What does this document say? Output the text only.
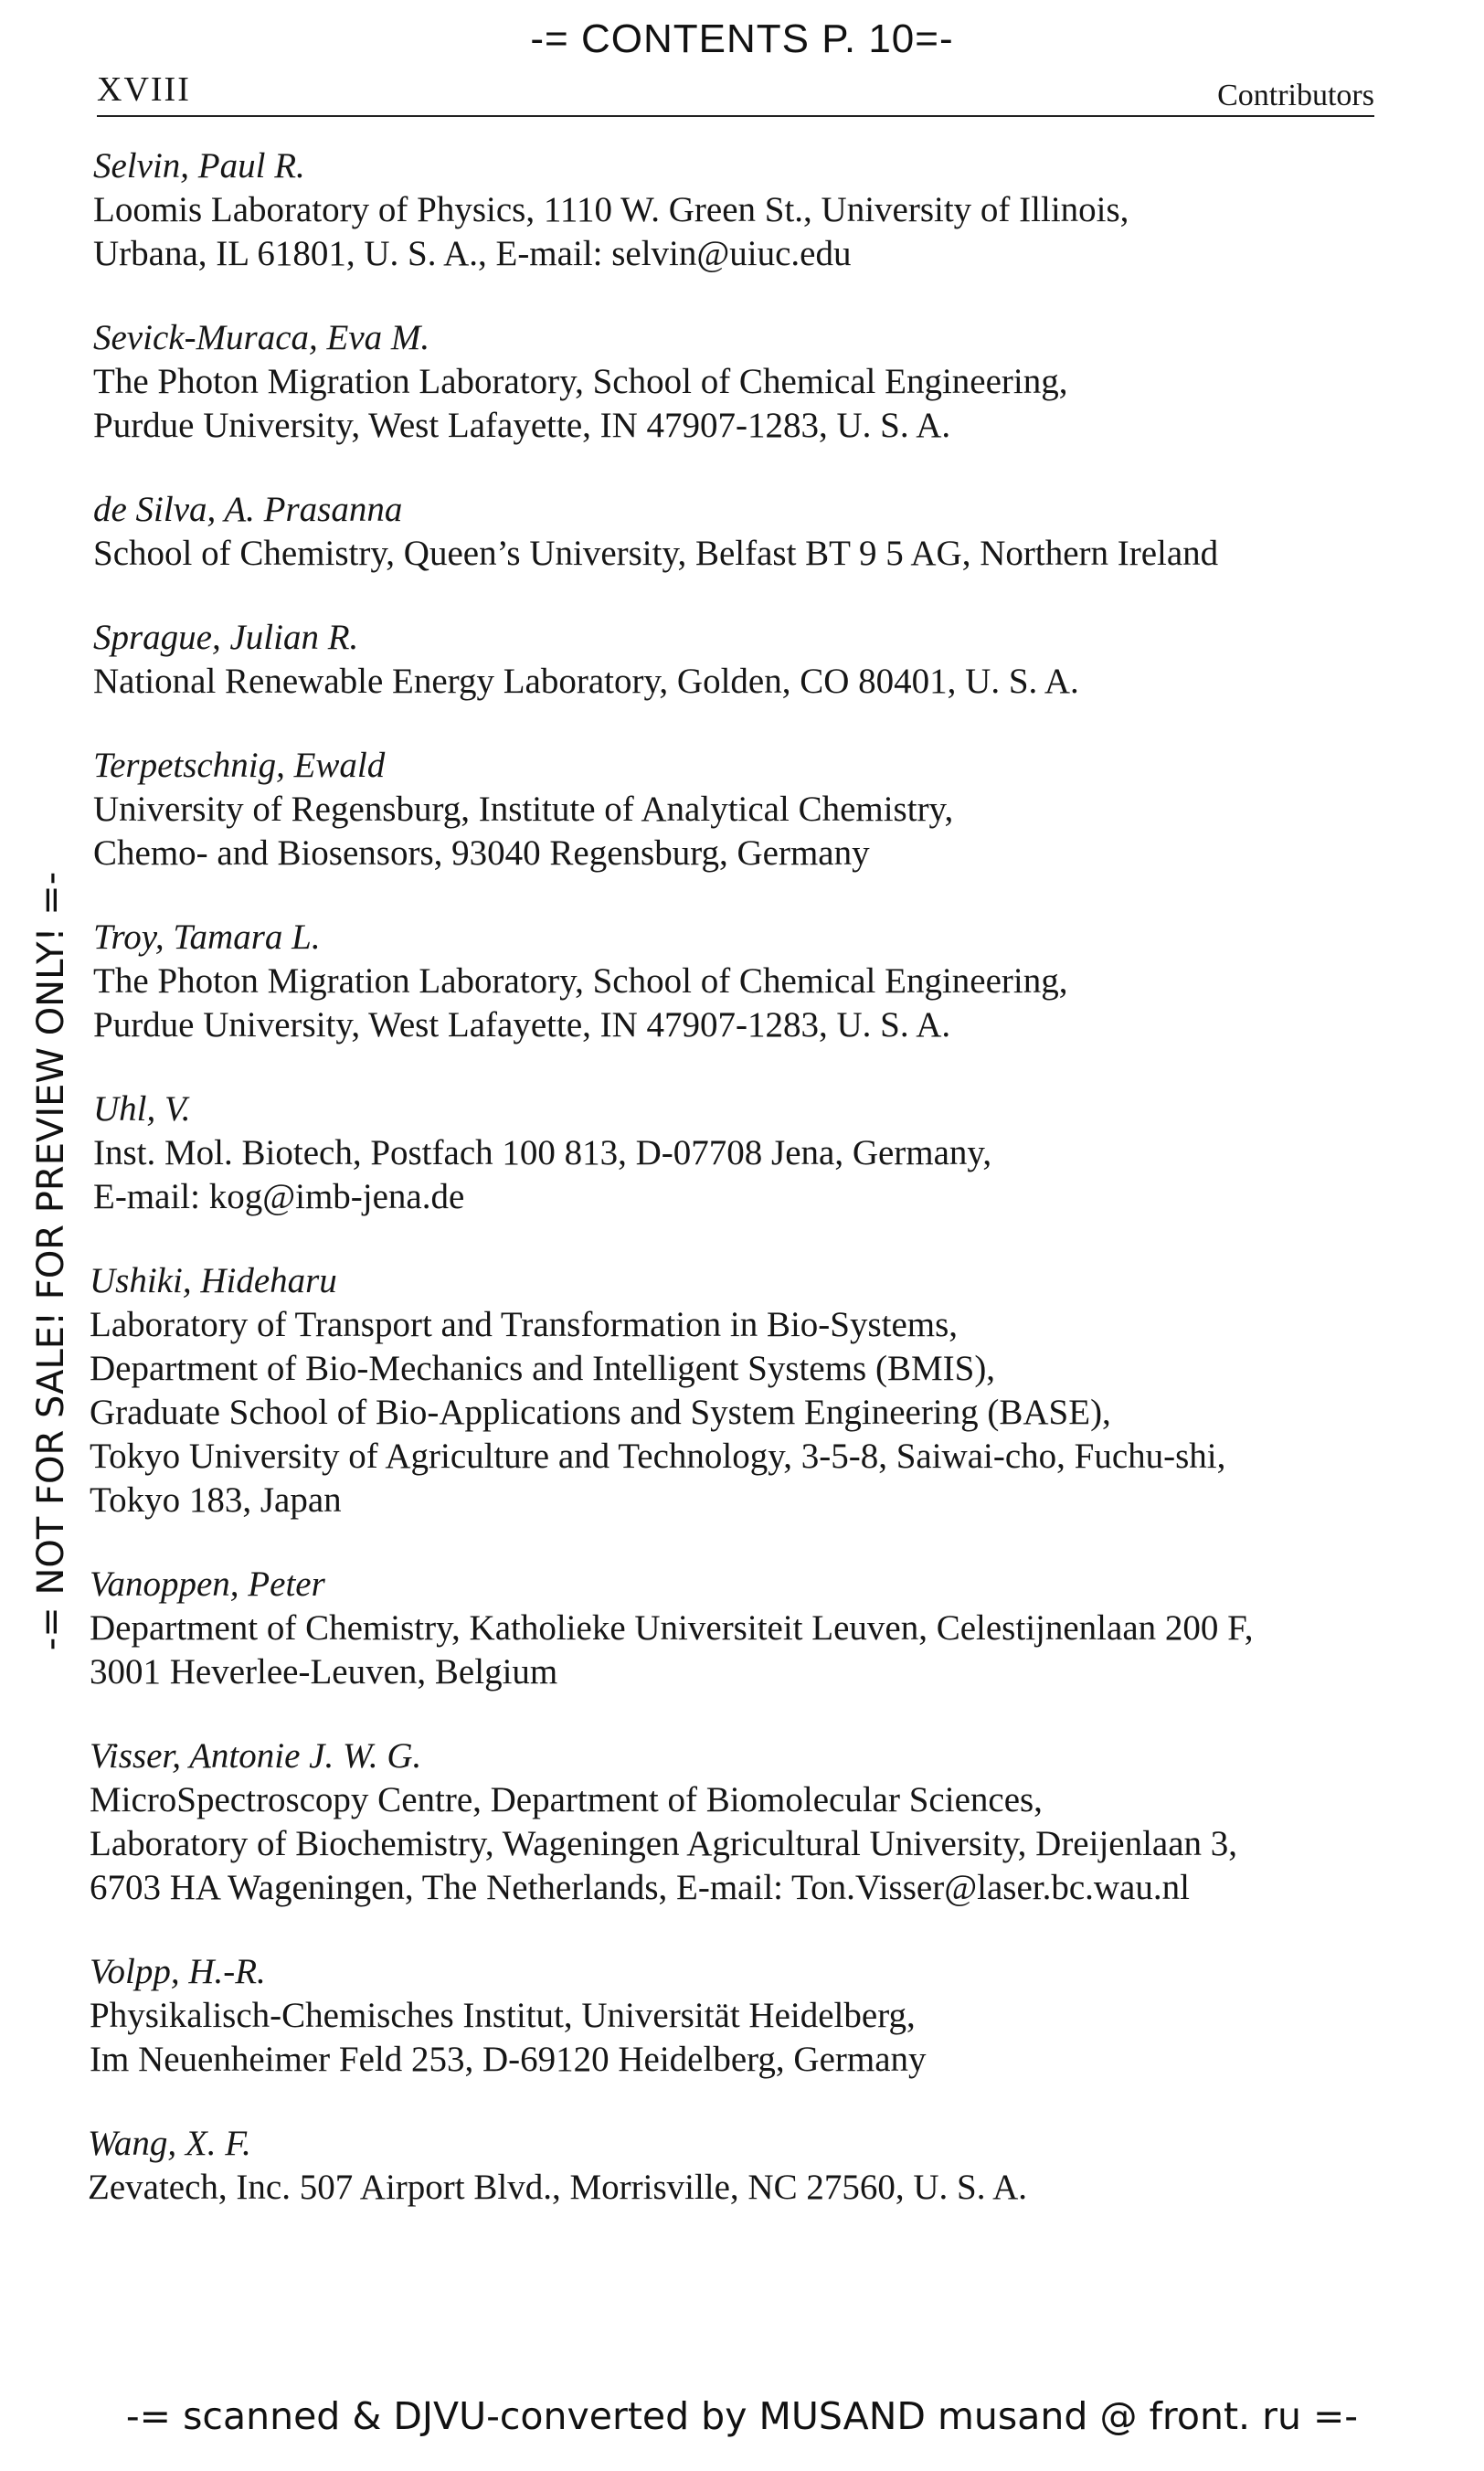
-= CONTENTS P. 10=-
-= NOT FOR SALE! FOR PREVIEW ONLY! =-
XVIII	Contributors
Selvin, Paul R.
Loomis Laboratory of Physics, 1110 W. Green St., University of Illinois,
Urbana, IL 61801, U. S. A., E-mail: selvin@uiuc.edu
Sevick-Muraca, Eva M.
The Photon Migration Laboratory, School of Chemical Engineering,
Purdue University, West Lafayette, IN 47907-1283, U. S. A.
de Silva, A. Prasanna
School of Chemistry, Queen’s University, Belfast BT 9 5 AG, Northern Ireland
Sprague, Julian R.
National Renewable Energy Laboratory, Golden, CO 80401, U. S. A.
Terpetschnig, Ewald
University of Regensburg, Institute of Analytical Chemistry,
Chemo- and Biosensors, 93040 Regensburg, Germany
Troy, Tamara L.
The Photon Migration Laboratory, School of Chemical Engineering,
Purdue University, West Lafayette, IN 47907-1283, U. S. A.
Uhl, V.
Inst. Mol. Biotech, Postfach 100 813, D-07708 Jena, Germany,
E-mail: kog@imb-jena.de
Ushiki, Hideharu
Laboratory of Transport and Transformation in Bio-Systems,
Department of Bio-Mechanics and Intelligent Systems (BMIS),
Graduate School of Bio-Applications and System Engineering (BASE),
Tokyo University of Agriculture and Technology, 3-5-8, Saiwai-cho, Fuchu-shi,
Tokyo 183, Japan
Vanoppen, Peter
Department of Chemistry, Katholieke Universiteit Leuven, Celestijnenlaan 200 F,
3001 Heverlee-Leuven, Belgium
Visser, Antonie J. W. G.
MicroSpectroscopy Centre, Department of Biomolecular Sciences,
Laboratory of Biochemistry, Wageningen Agricultural University, Dreijenlaan 3,
6703 HA Wageningen, The Netherlands, E-mail: Ton.Visser@laser.bc.wau.nl
Volpp, H.-R.
Physikalisch-Chemisches Institut, Universität Heidelberg,
Im Neuenheimer Feld 253, D-69120 Heidelberg, Germany
Wang, X. F.
Zevatech, Inc. 507 Airport Blvd., Morrisville, NC 27560, U. S. A.
-= scanned & DJVU-converted by MUSAND musand @ front. ru =-
